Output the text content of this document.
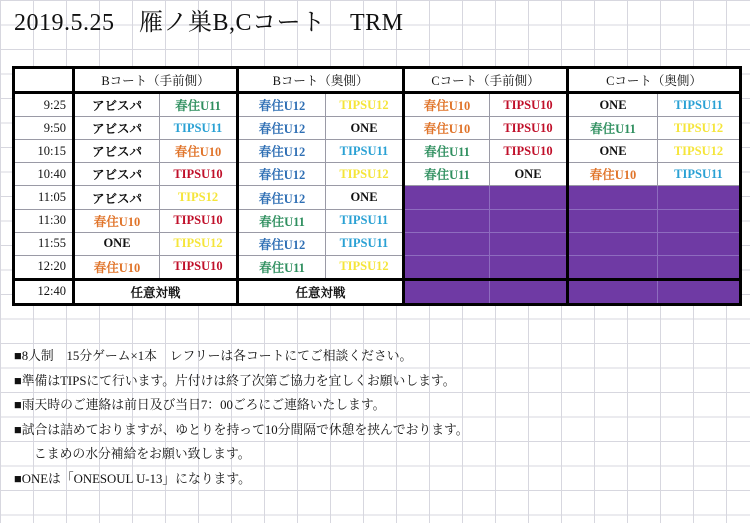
2019.5.25　雁ノ巣B,Cコート　TRM
	Bコート（手前側）		Bコート（奥側）		Cコート（手前側）		Cコート（奥側）	
9:25	アビスパ	春住U11	春住U12	TIPSU12	春住U10	TIPSU10	ONE	TIPSU11
9:50	アビスパ	TIPSU11	春住U12	ONE	春住U10	TIPSU10	春住U11	TIPSU12
10:15	アビスパ	春住U10	春住U12	TIPSU11	春住U11	TIPSU10	ONE	TIPSU12
10:40	アビスパ	TIPSU10	春住U12	TIPSU12	春住U11	ONE	春住U10	TIPSU11
11:05	アビスパ	TIPS12	春住U12	ONE				
11:30	春住U10	TIPSU10	春住U11	TIPSU11				
11:55	ONE	TIPSU12	春住U12	TIPSU11				
12:20	春住U10	TIPSU10	春住U11	TIPSU12				
12:40	任意対戦		任意対戦					
■8人制　15分ゲーム×1本　レフリーは各コートにてご相談ください。
■準備はTIPSにて行います。片付けは終了次第ご協力を宜しくお願いします。
■雨天時のご連絡は前日及び当日7：00ごろにご連絡いたします。
■試合は詰めておりますが、ゆとりを持って10分間隔で休憩を挟んでおります。
こまめの水分補給をお願い致します。
■ONEは「ONESOUL U-13」になります。
